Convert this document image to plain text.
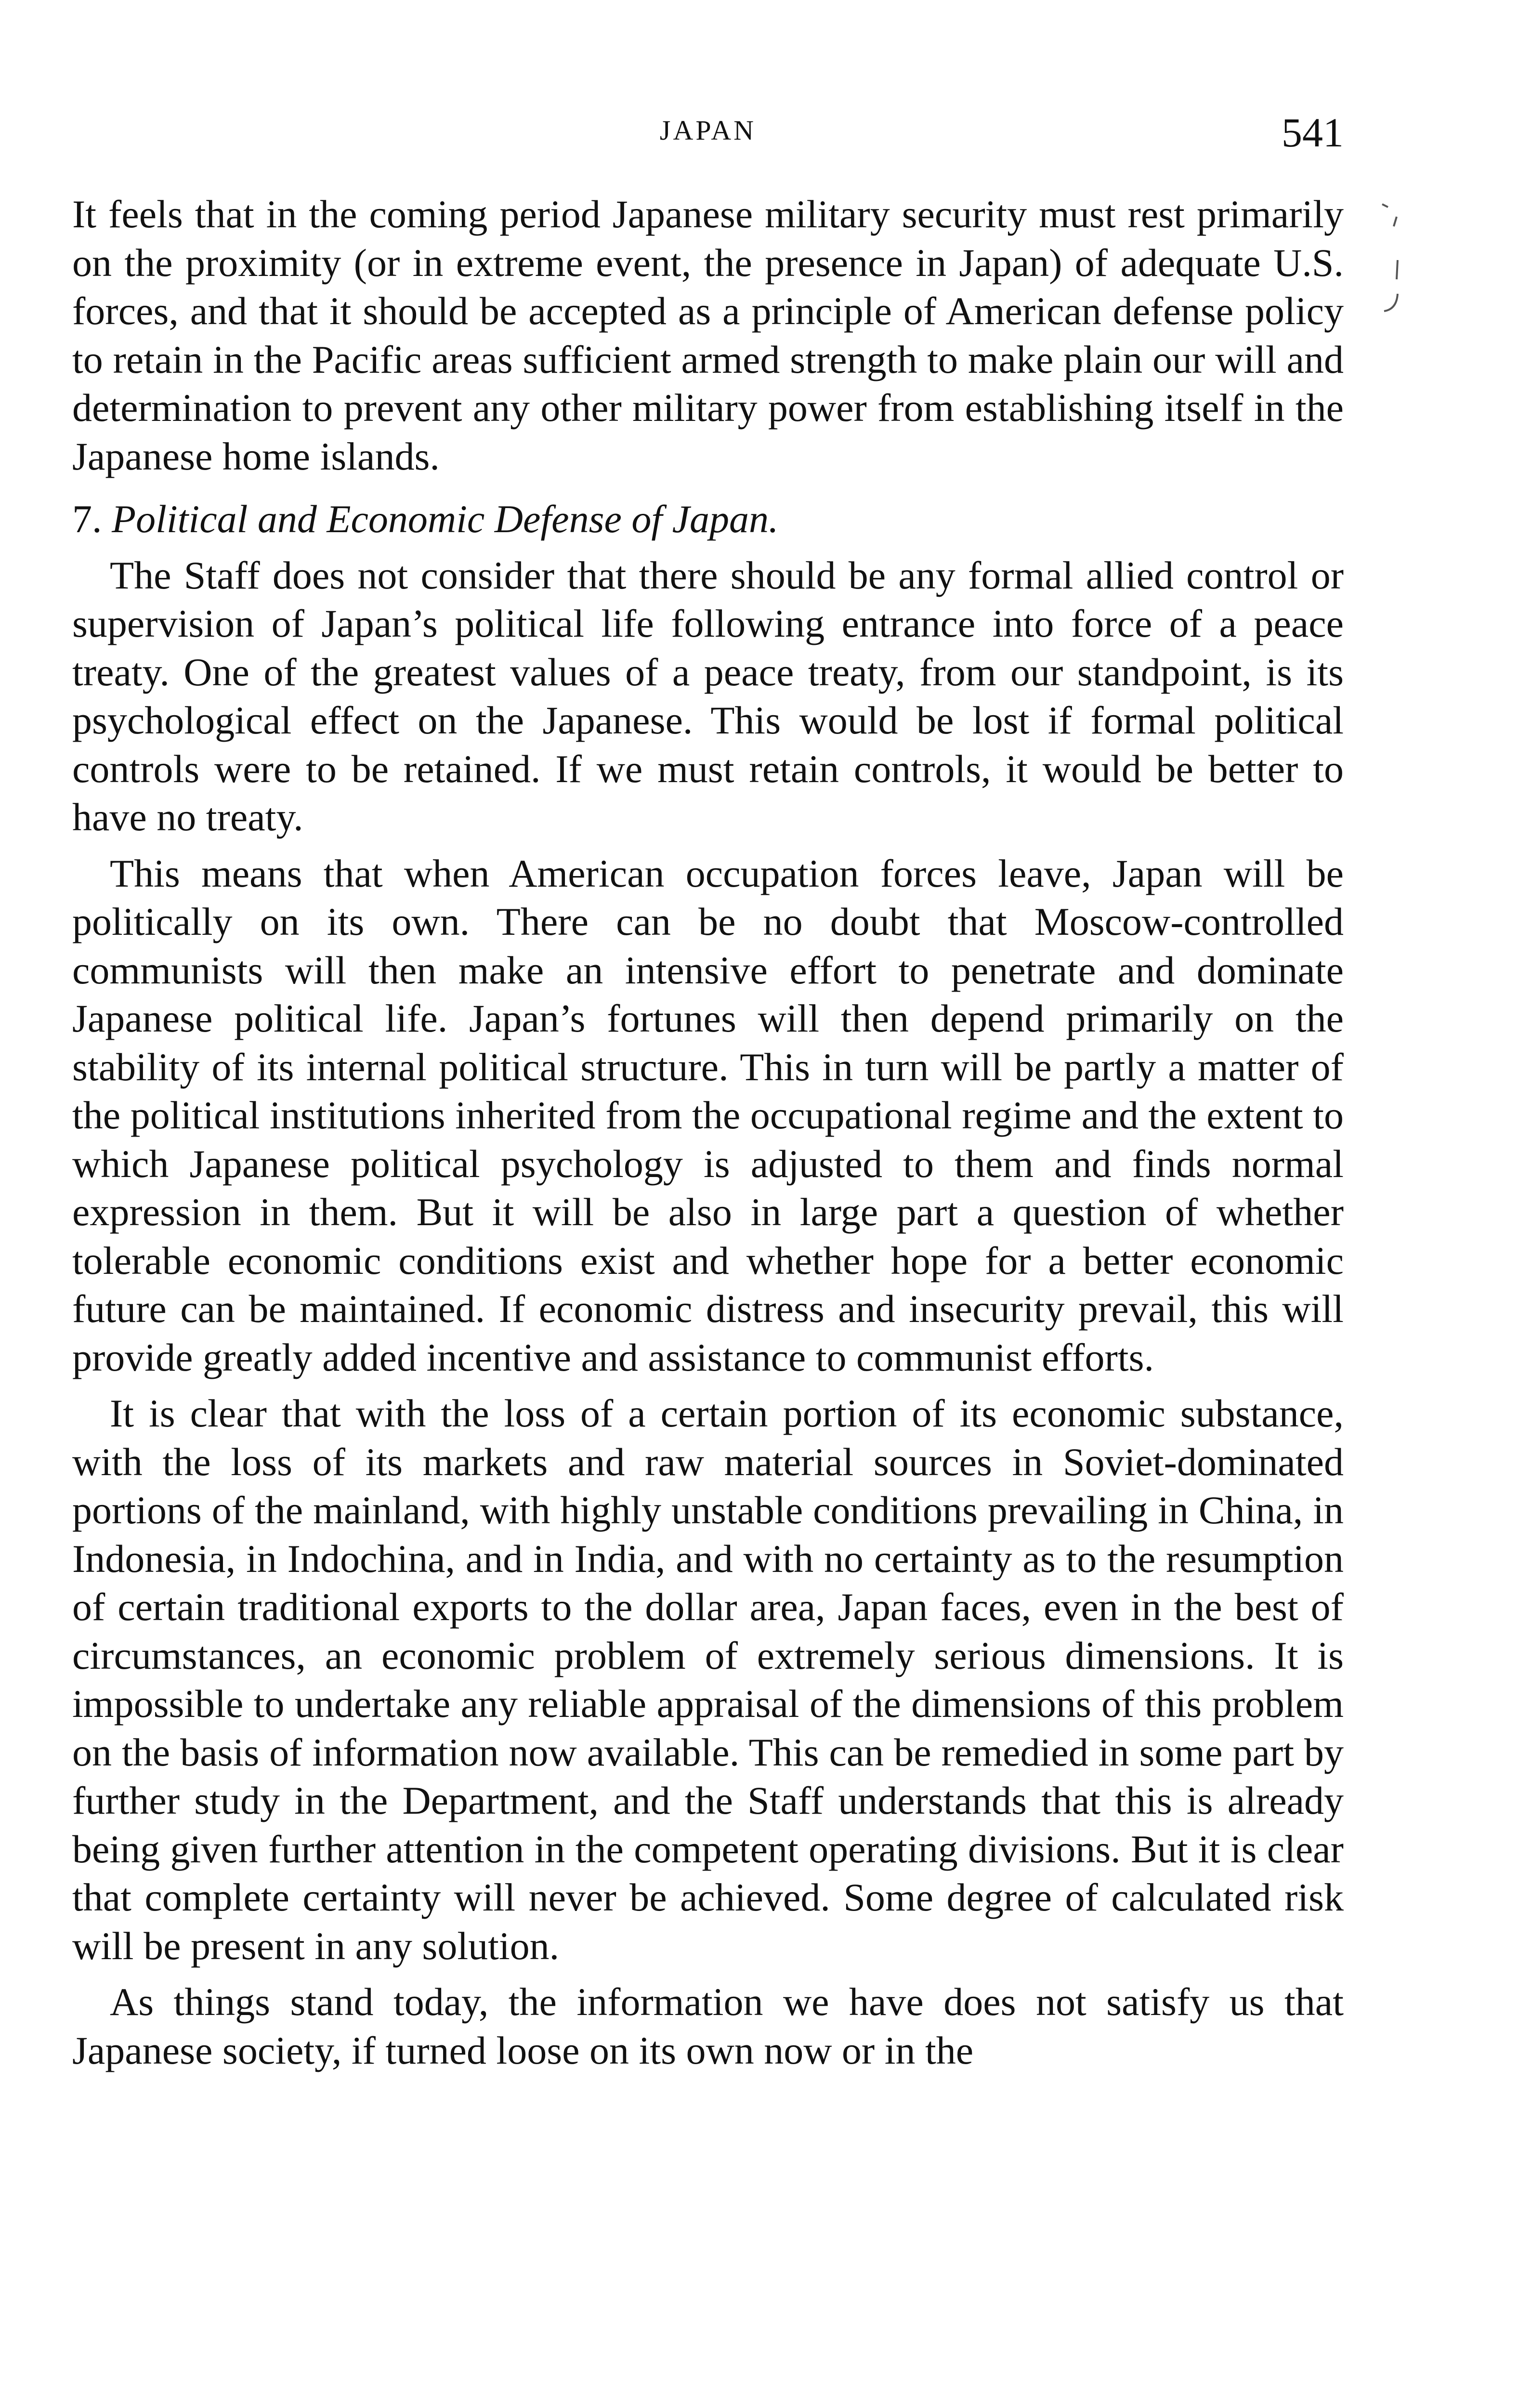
JAPAN	541

It feels that in the coming period Japanese military security must rest primarily on the proximity (or in extreme event, the presence in Japan) of adequate U.S. forces, and that it should be accepted as a principle of American defense policy to retain in the Pacific areas sufficient armed strength to make plain our will and determination to prevent any other military power from establishing itself in the Japanese home islands.

7. Political and Economic Defense of Japan.

The Staff does not consider that there should be any formal allied control or supervision of Japan’s political life following entrance into force of a peace treaty. One of the greatest values of a peace treaty, from our standpoint, is its psychological effect on the Japanese. This would be lost if formal political controls were to be retained. If we must retain controls, it would be better to have no treaty.

This means that when American occupation forces leave, Japan will be politically on its own. There can be no doubt that Moscow-controlled communists will then make an intensive effort to penetrate and dominate Japanese political life. Japan’s fortunes will then depend primarily on the stability of its internal political structure. This in turn will be partly a matter of the political institutions inherited from the occupational regime and the extent to which Japanese political psychology is adjusted to them and finds normal expression in them. But it will be also in large part a question of whether tolerable economic conditions exist and whether hope for a better economic future can be maintained. If economic distress and insecurity prevail, this will provide greatly added incentive and assistance to communist efforts.

It is clear that with the loss of a certain portion of its economic substance, with the loss of its markets and raw material sources in Soviet-dominated portions of the mainland, with highly unstable conditions prevailing in China, in Indonesia, in Indochina, and in India, and with no certainty as to the resumption of certain traditional exports to the dollar area, Japan faces, even in the best of circumstances, an economic problem of extremely serious dimensions. It is impossible to undertake any reliable appraisal of the dimensions of this problem on the basis of information now available. This can be remedied in some part by further study in the Department, and the Staff understands that this is already being given further attention in the competent operating divisions. But it is clear that complete certainty will never be achieved. Some degree of calculated risk will be present in any solution.

As things stand today, the information we have does not satisfy us that Japanese society, if turned loose on its own now or in the
